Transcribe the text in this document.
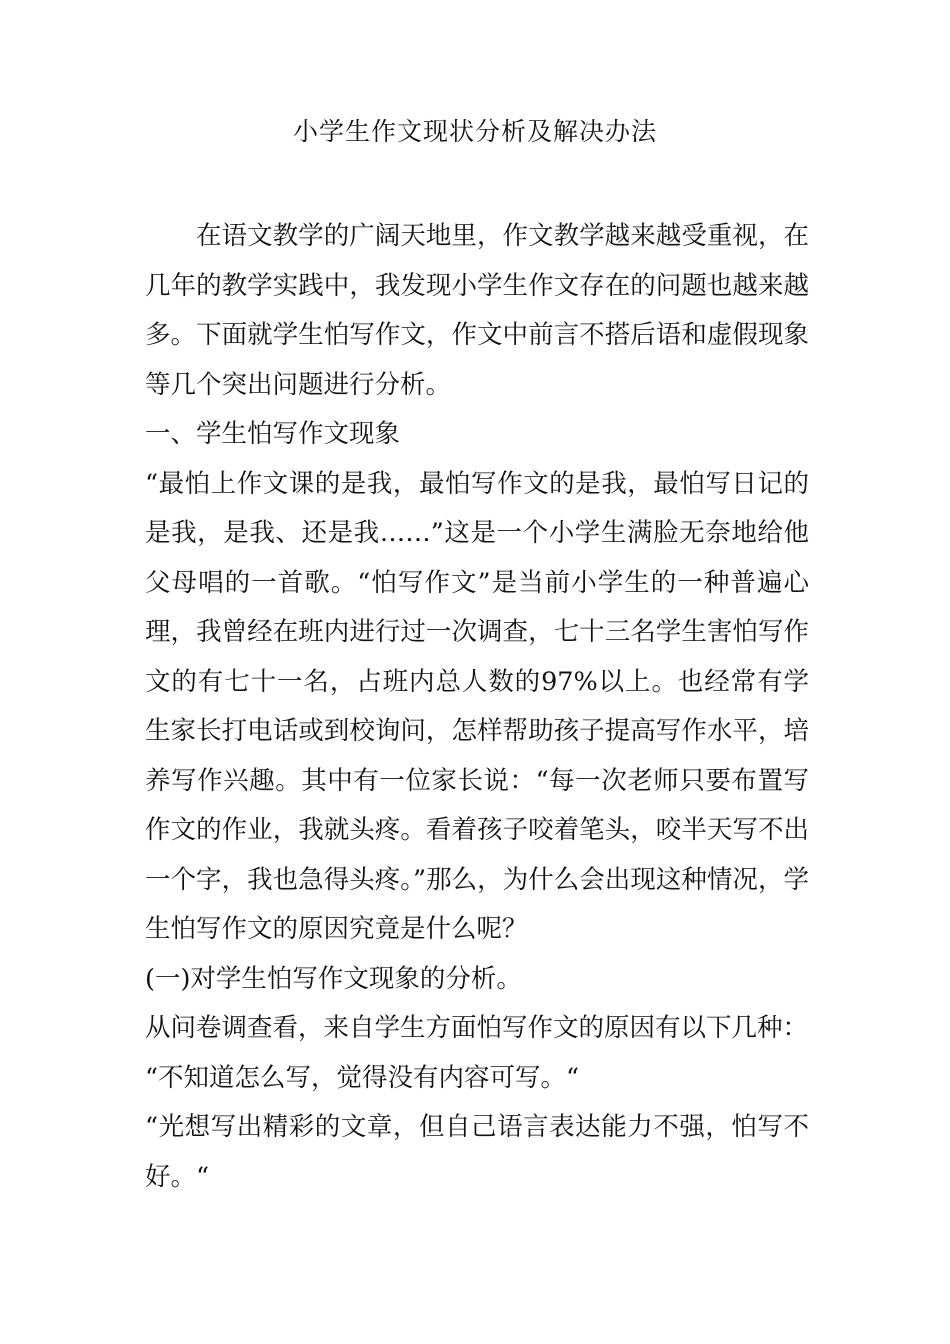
小学生作文现状分析及解决办法

在语文教学的广阔天地里，作文教学越来越受重视，在几年的教学实践中，我发现小学生作文存在的问题也越来越多。下面就学生怕写作文，作文中前言不搭后语和虚假现象等几个突出问题进行分析。

一、学生怕写作文现象

“最怕上作文课的是我，最怕写作文的是我，最怕写日记的是我，是我、还是我……”这是一个小学生满脸无奈地给他父母唱的一首歌。“怕写作文”是当前小学生的一种普遍心理，我曾经在班内进行过一次调查，七十三名学生害怕写作文的有七十一名，占班内总人数的97%以上。也经常有学生家长打电话或到校询问，怎样帮助孩子提高写作水平，培养写作兴趣。其中有一位家长说：“每一次老师只要布置写作文的作业，我就头疼。看着孩子咬着笔头，咬半天写不出一个字，我也急得头疼。”那么，为什么会出现这种情况，学生怕写作文的原因究竟是什么呢？

(一)对学生怕写作文现象的分析。

从问卷调查看，来自学生方面怕写作文的原因有以下几种：

“不知道怎么写，觉得没有内容可写。“

“光想写出精彩的文章，但自己语言表达能力不强，怕写不好。“
